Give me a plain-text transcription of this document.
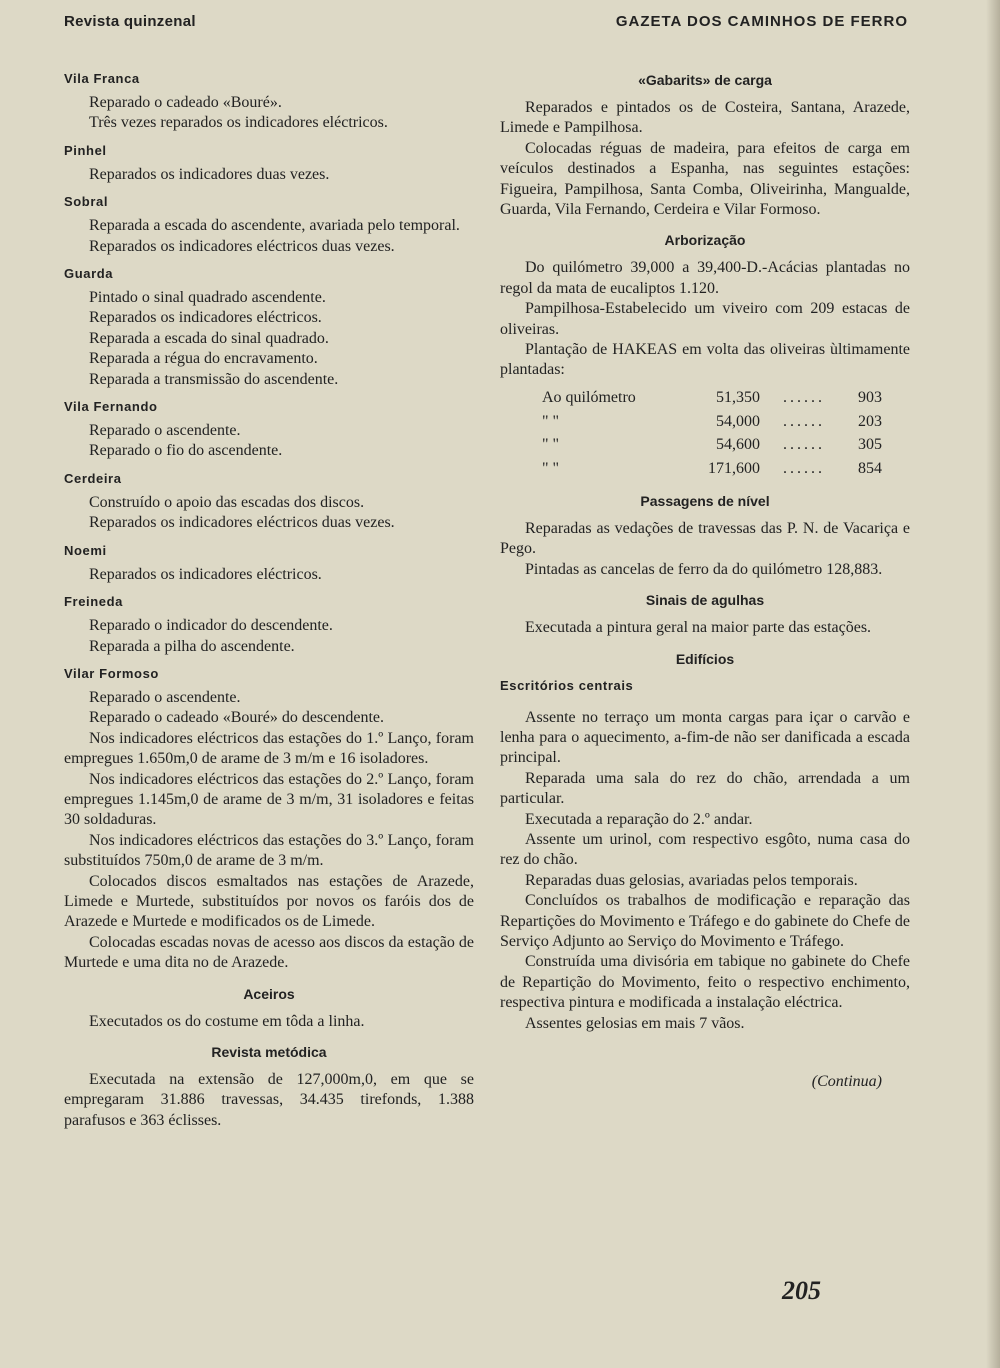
Revista quinzenal	GAZETA DOS CAMINHOS DE FERRO
Vila Franca

Reparado o cadeado «Bouré».

Três vezes reparados os indicadores eléctricos.

Pinhel

Reparados os indicadores duas vezes.

Sobral

Reparada a escada do ascendente, avariada pelo temporal.

Reparados os indicadores eléctricos duas vezes.

Guarda

Pintado o sinal quadrado ascendente.

Reparados os indicadores eléctricos.

Reparada a escada do sinal quadrado.

Reparada a régua do encravamento.

Reparada a transmissão do ascendente.

Vila Fernando

Reparado o ascendente.

Reparado o fio do ascendente.

Cerdeira

Construído o apoio das escadas dos discos.

Reparados os indicadores eléctricos duas vezes.

Noemi

Reparados os indicadores eléctricos.

Freineda

Reparado o indicador do descendente.

Reparada a pilha do ascendente.

Vilar Formoso

Reparado o ascendente.

Reparado o cadeado «Bouré» do descendente.

Nos indicadores eléctricos das estações do 1.º Lanço, foram empregues 1.650m,0 de arame de 3 m/m e 16 isoladores.

Nos indicadores eléctricos das estações do 2.º Lanço, foram empregues 1.145m,0 de arame de 3 m/m, 31 isoladores e feitas 30 soldaduras.

Nos indicadores eléctricos das estações do 3.º Lanço, foram substituídos 750m,0 de arame de 3 m/m.

Colocados discos esmaltados nas estações de Arazede, Limede e Murtede, substituídos por novos os faróis dos de Arazede e Murtede e modificados os de Limede.

Colocadas escadas novas de acesso aos discos da estação de Murtede e uma dita no de Arazede.

Aceiros

Executados os do costume em tôda a linha.

Revista metódica

Executada na extensão de 127,000m,0, em que se empregaram 31.886 travessas, 34.435 tirefonds, 1.388 parafusos e 363 éclisses.

«Gabarits» de carga

Reparados e pintados os de Costeira, Santana, Arazede, Limede e Pampilhosa.

Colocadas réguas de madeira, para efeitos de carga em veículos destinados a Espanha, nas seguintes estações: Figueira, Pampilhosa, Santa Comba, Oliveirinha, Mangualde, Guarda, Vila Fernando, Cerdeira e Vilar Formoso.

Arborização

Do quilómetro 39,000 a 39,400-D.-Acácias plantadas no regol da mata de eucaliptos 1.120.

Pampilhosa-Estabelecido um viveiro com 209 estacas de oliveiras.

Plantação de HAKEAS em volta das oliveiras ùltimamente plantadas:

Ao quilómetro	51,350	......	903
" "	54,000	......	203
" "	54,600	......	305
" "	171,600	......	854
Passagens de nível

Reparadas as vedações de travessas das P. N. de Vacariça e Pego.

Pintadas as cancelas de ferro da do quilómetro 128,883.

Sinais de agulhas

Executada a pintura geral na maior parte das estações.

Edifícios
Escritórios centrais

Assente no terraço um monta cargas para içar o carvão e lenha para o aquecimento, a-fim-de não ser danificada a escada principal.

Reparada uma sala do rez do chão, arrendada a um particular.

Executada a reparação do 2.º andar.

Assente um urinol, com respectivo esgôto, numa casa do rez do chão.

Reparadas duas gelosias, avariadas pelos temporais.

Concluídos os trabalhos de modificação e reparação das Repartições do Movimento e Tráfego e do gabinete do Chefe de Serviço Adjunto ao Serviço do Movimento e Tráfego.

Construída uma divisória em tabique no gabinete do Chefe de Repartição do Movimento, feito o respectivo enchimento, respectiva pintura e modificada a instalação eléctrica.

Assentes gelosias em mais 7 vãos.

(Continua)
205
